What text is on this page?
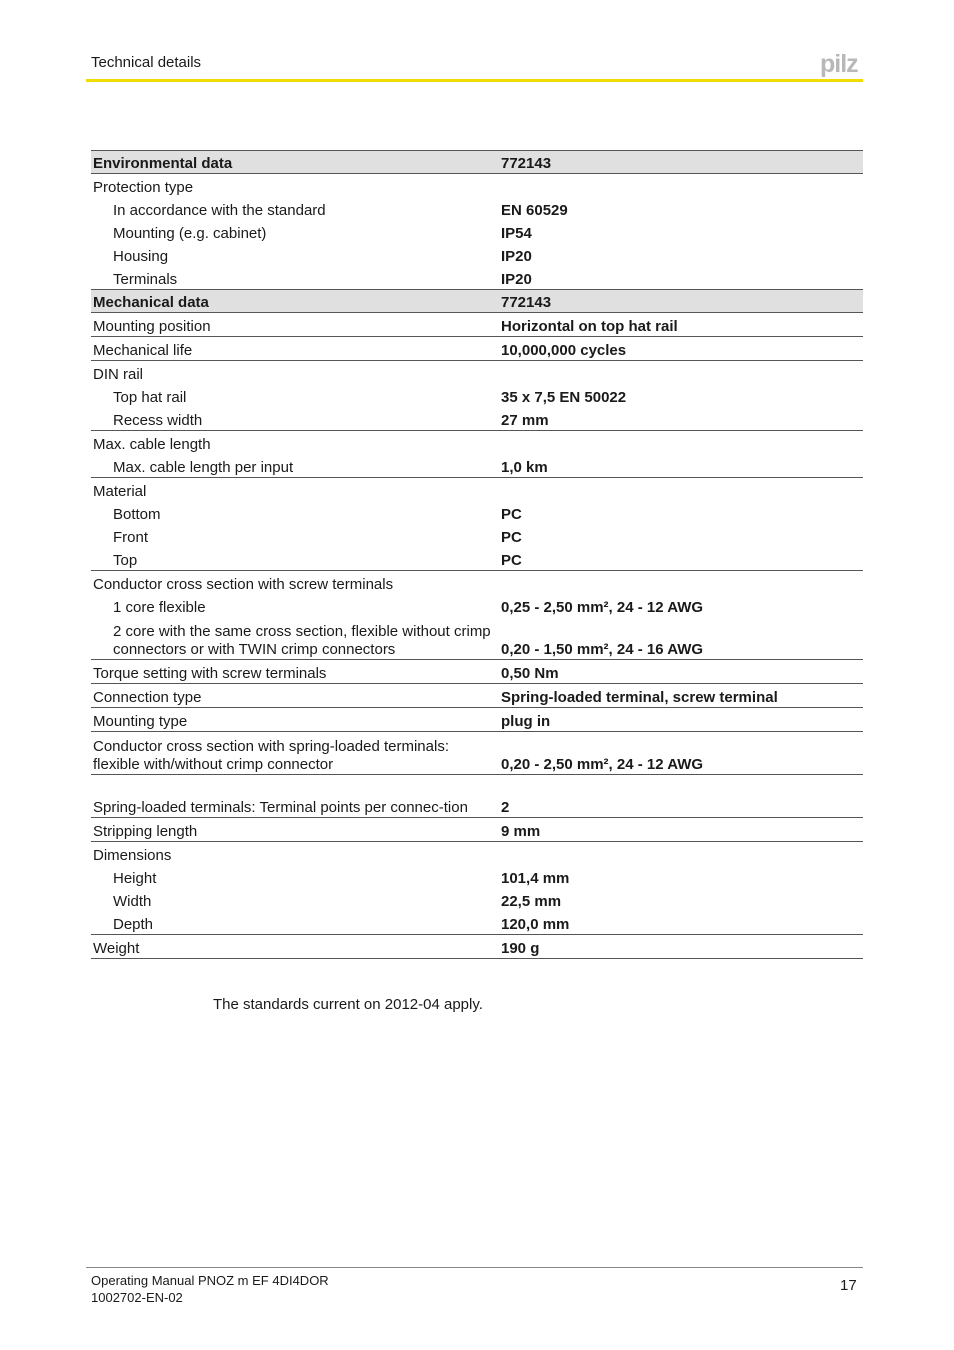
Technical details	pilz
Environmental data	772143
Protection type	
In accordance with the standard	EN 60529
Mounting (e.g. cabinet)	IP54
Housing	IP20
Terminals	IP20
Mechanical data	772143
Mounting position	Horizontal on top hat rail
Mechanical life	10,000,000 cycles
DIN rail	
Top hat rail	35 x 7,5 EN 50022
Recess width	27 mm
Max. cable length	
Max. cable length per input	1,0 km
Material	
Bottom	PC
Front	PC
Top	PC
Conductor cross section with screw terminals	
1 core flexible	0,25 - 2,50 mm², 24 - 12 AWG
2 core with the same cross section, flexible without crimp connectors or with TWIN crimp connectors	0,20 - 1,50 mm², 24 - 16 AWG
Torque setting with screw terminals	0,50 Nm
Connection type	Spring-loaded terminal, screw terminal
Mounting type	plug in
Conductor cross section with spring-loaded terminals: flexible with/without crimp connector	0,20 - 2,50 mm², 24 - 12 AWG
Spring-loaded terminals: Terminal points per connec-tion	2
Stripping length	9 mm
Dimensions	
Height	101,4 mm
Width	22,5 mm
Depth	120,0 mm
Weight	190 g
The standards current on 2012-04 apply.
Operating Manual PNOZ m EF 4DI4DOR
1002702-EN-02
17
